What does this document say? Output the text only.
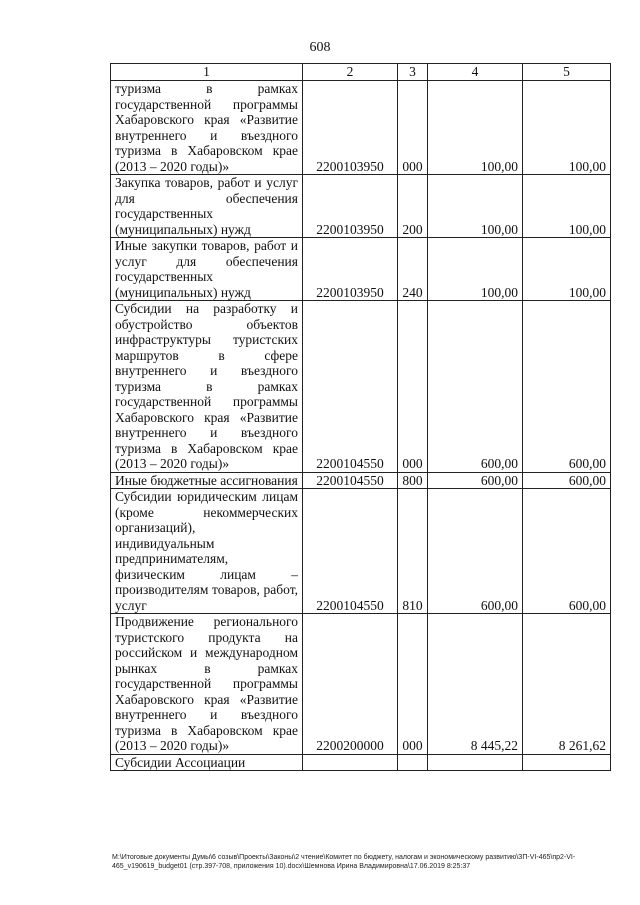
608
1	2	3	4	5
туризма в рамках государственной программы Хабаровского края «Развитие внутреннего и въездного туризма в Хабаровском крае (2013 – 2020 годы)»	2200103950	000	100,00	100,00
Закупка товаров, работ и услуг для обеспечения государственных (муниципальных) нужд	2200103950	200	100,00	100,00
Иные закупки товаров, работ и услуг для обеспечения государственных (муниципальных) нужд	2200103950	240	100,00	100,00
Субсидии на разработку и обустройство объектов инфраструктуры туристских маршрутов в сфере внутреннего и въездного туризма в рамках государственной программы Хабаровского края «Развитие внутреннего и въездного туризма в Хабаровском крае (2013 – 2020 годы)»	2200104550	000	600,00	600,00
Иные бюджетные ассигнования	2200104550	800	600,00	600,00
Субсидии юридическим лицам (кроме некоммерческих организаций), индивидуальным предпринимателям, физическим лицам – производителям товаров, работ, услуг	2200104550	810	600,00	600,00
Продвижение регионального туристского продукта на российском и международном рынках в рамках государственной программы Хабаровского края «Развитие внутреннего и въездного туризма в Хабаровском крае (2013 – 2020 годы)»	2200200000	000	8 445,22	8 261,62
Субсидии Ассоциации				
M:\Итоговые документы Думы\6 созыв\Проекты\Законы\2 чтение\Комитет по бюджету, налогам и экономическому развитию\ЗП-VI-465\пр2-VI-465_v190619_budget01 (стр.397-708, приложения 10).docx\Шемнова Ирина Владимировна\17.06.2019 8:25:37
